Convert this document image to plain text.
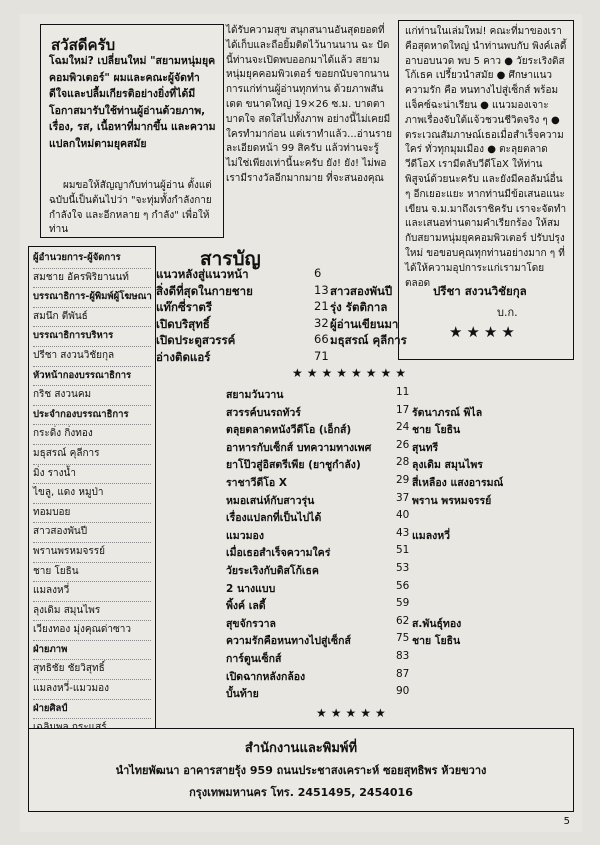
สวัสดีครับ
โฉมใหม่? เปลี่ยนใหม่ "สยามหนุ่มยุคคอมพิวเตอร์" ผมและคณะผู้จัดทำ ดีใจและปลื้มเกียรติอย่างยิ่งที่ได้มีโอกาสมารับใช้ท่านผู้อ่านด้วยภาพ, เรื่อง, รส, เนื้อหาที่มากขึ้น และความแปลกใหม่ตามยุคสมัย
ผมขอให้สัญญากับท่านผู้อ่าน ตั้งแต่ฉบับนี้เป็นต้นไปว่า "จะทุ่มทั้งกำลังกาย กำลังใจ และอีกหลาย ๆ กำลัง" เพื่อให้ท่าน
ได้รับความสุข สนุกสนานอันสุดยอดที่ได้เก็บและถือยิ้มติดไว้นานนาน ฉะ ปัดนี้ท่านจะเปิดพบออกมาได้แล้ว สยามหนุ่มยุคคอมพิวเตอร์ ขอยกนับจากนานการแก่ท่านผู้อ่านทุกท่าน ด้วยภาพสันเดต ขนาดใหญ่ 19×26 ซ.ม. บาดตา บาดใจ สดใสไปทั้งภาพ อย่างนี้ไม่เคยมีใครทำมาก่อน แต่เราทำแล้ว...อ่านรายละเอียดหน้า 99 สิครับ แล้วท่านจะรู้ ไม่ใช่เพียงเท่านี้นะครับ ยัง! ยัง! ไม่พอ เรามีรางวัลอีกมากมาย ที่จะสนองคุณ
แก่ท่านในเล่มใหม่! คณะที่มาของเราคือสุดหาดใหญ่ นำท่านพบกับ พิงค์เลดี้ อาบอบนวด พบ 5 คาว ● วัยระเริงดิสโก้เธค เปรี้ยวนำสมัย ● ศึกษาแนวความรัก คือ หนทางไปสู่เซ็กส์ พร้อมแจ็คซ์ฉะน่าเรียน ● แนวมองเจาะภาพเรื่องจับใต้แจ้วชวนชีวิตจริง ๆ ● ตระเวณสัมภาษณ์เธอเมื่อสำเร็จความใคร่ ทั่วทุกมุมเมือง ● ตะลุยตลาดวีดีโอX เรามีตลับวีดีโอX ให้ท่านพิสูจน์ด้วยนะครับ และยังมีคอลัมน์อื่น ๆ อีกเยอะแยะ หากท่านมีข้อเสนอแนะเขียน จ.ม.มาถึงเราชิครับ เราจะจัดทำและเสนอท่านตามคำเรียกร้อง ให้สมกับสยามหนุ่มยุคคอมพิวเตอร์ ปรับปรุงใหม่ ขอขอบคุณทุกท่านอย่างมาก ๆ ที่ได้ให้ความอุปการะแก่เรามาโดยตลอด
ปรีชา สงวนวิชัยกุล
บ.ก.
★★★★
ผู้อำนวยการ-ผู้จัดการ
สมชาย อัครพิริยานนท์
บรรณาธิการ-ผู้พิมพ์ผู้โฆษณา
สมนึก ตีพันธ์
บรรณาธิการบริหาร
ปรีชา สงวนวิชัยกุล
หัวหน้ากองบรรณาธิการ
กริช สงวนคม
ประจำกองบรรณาธิการ
กระดิ่ง กิ่งทอง
มธุสรณ์ คุลีการ
มิ่ง รางน้ำ
ไขลู, แดง หมูป่า
ทอมบอย
สาวสองพันปี
พรานพรหมจรรย์
ชาย โยธิน
แมลงหวี่
ลุงเดิม สมุนไพร
เวียงทอง มุ่งคุณด่าซาว
ฝ่ายภาพ
สุทธิชัย ชัยวิสุทธิ์
แมลงหวี่-แมวมอง
ฝ่ายศิลป์
สารบัญ
แนวหลังสู่แนวหน้า	6
สิ่งดีที่สุดในกายชาย	13 สาวสองพันปี
แท๊กซี่ราตรี	21 รุ่ง รัตติกาล
เปิดบริสุทธิ์	32 ผู้อ่านเขียนมา
เปิดประตูสวรรค์	66 มธุสรณ์ คุลีการ
อ่างติดแอร์	71
★★★★★★★★
สยามวันวาน	11
สวรรค์บนรถทัวร์	17 รัตนาภรณ์ พิไล
ตลุยตลาดหนังวีดีโอ (เอ็กส์)	24 ชาย โยธิน
อาหารกับเซ็กส์ บทความทางเพศ 26 สุนทรี
ยาโป๊วสู่อิสตรีเพีย (ยาชูกำลัง)	28 ลุงเดิม สมุนไพร
ราชาวีดีโอ X	29 สี่เหลือง แสงอารมณ์
หมอเสน่ห์กับสาวรุ่น	37 พราน พรหมจรรย์
เรื่องแปลกที่เป็นไปได้	40
แมวมอง	43 แมลงหวี่
เมื่อเธอสำเร็จความใคร่	51
วัยระเริงกับดิสโก้เธค	53
2 นางแบบ	56
พิ้งค์ เลดี้	59
สุขจักรวาล	62 ส.พันธุ์ทอง
ความรักคือหนทางไปสู่เซ็กส์	75 ชาย โยธิน
การ์ตูนเซ็กส์	83
เปิดฉากหลังกล้อง	87
บั้นท้าย	90
★★★★★
สำนักงานและพิมพ์ที่
นำไทยพัฒนา อาคารสายรุ้ง 959 ถนนประชาสงเคราะห์ ซอยสุทธิพร ห้วยขวาง
กรุงเทพมหานคร โทร. 2451495, 2454016
5
